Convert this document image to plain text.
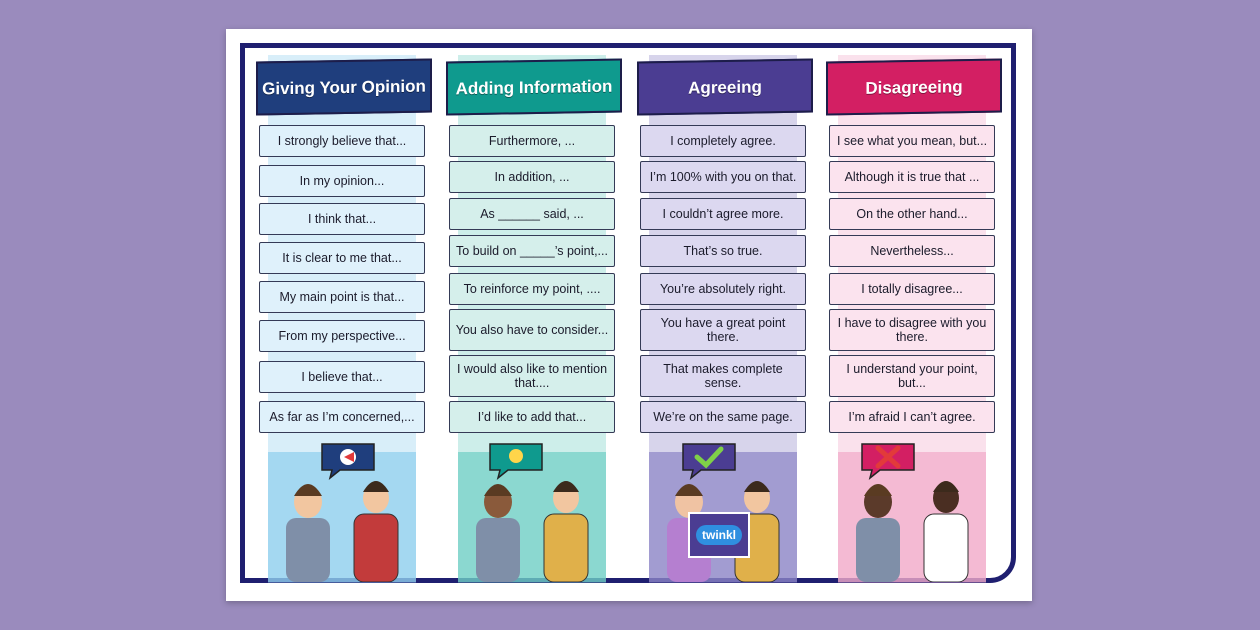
Giving Your Opinion
I strongly believe that...
In my opinion...
I think that...
It is clear to me that...
My main point is that...
From my perspective...
I believe that...
As far as I’m concerned,...
Adding Information
Furthermore, ...
In addition, ...
As ______ said, ...
To build on _____’s point,...
To reinforce my point, ....
You also have to consider...
I would also like to mention that....
I’d like to add that...
Agreeing
I completely agree.
I’m 100% with you on that.
I couldn’t agree more.
That’s so true.
You’re absolutely right.
You have a great point there.
That makes complete sense.
We’re on the same page.
Disagreeing
I see what you mean, but...
Although it is true that ...
On the other hand...
Nevertheless...
I totally disagree...
I have to disagree with you there.
I understand your point, but...
I’m afraid I can’t agree.
twinkl
